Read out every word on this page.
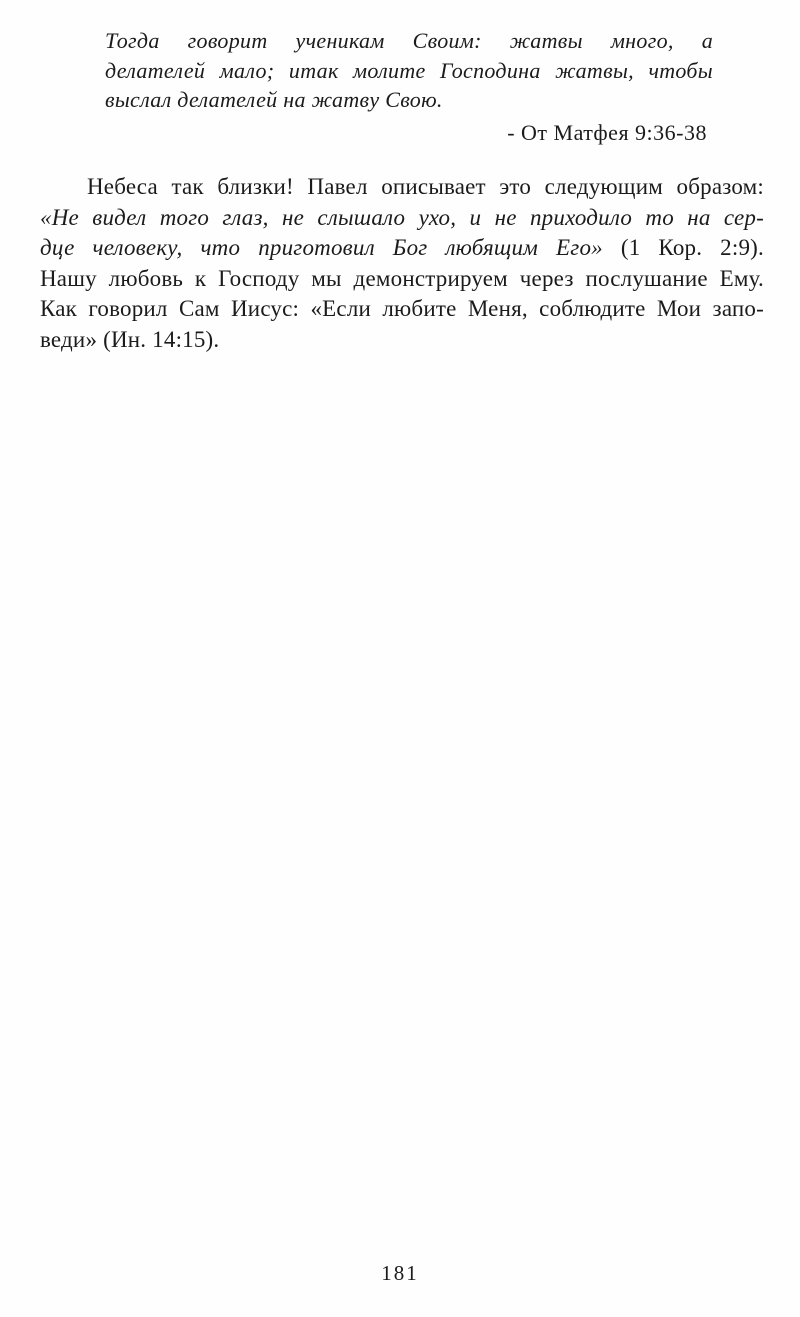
Тогда говорит ученикам Своим: жатвы много, а
делателей мало; итак молите Господина жатвы, чтобы
выслал делателей на жатву Свою.
- От Матфея 9:36-38
Небеса так близки! Павел описывает это следующим образом:
«Не видел того глаз, не слышало ухо, и не приходило то на сер-
дце человеку, что приготовил Бог любящим Его» (1 Кор. 2:9).
Нашу любовь к Господу мы демонстрируем через послушание Ему.
Как говорил Сам Иисус: «Если любите Меня, соблюдите Мои запо-
веди» (Ин. 14:15).
181
